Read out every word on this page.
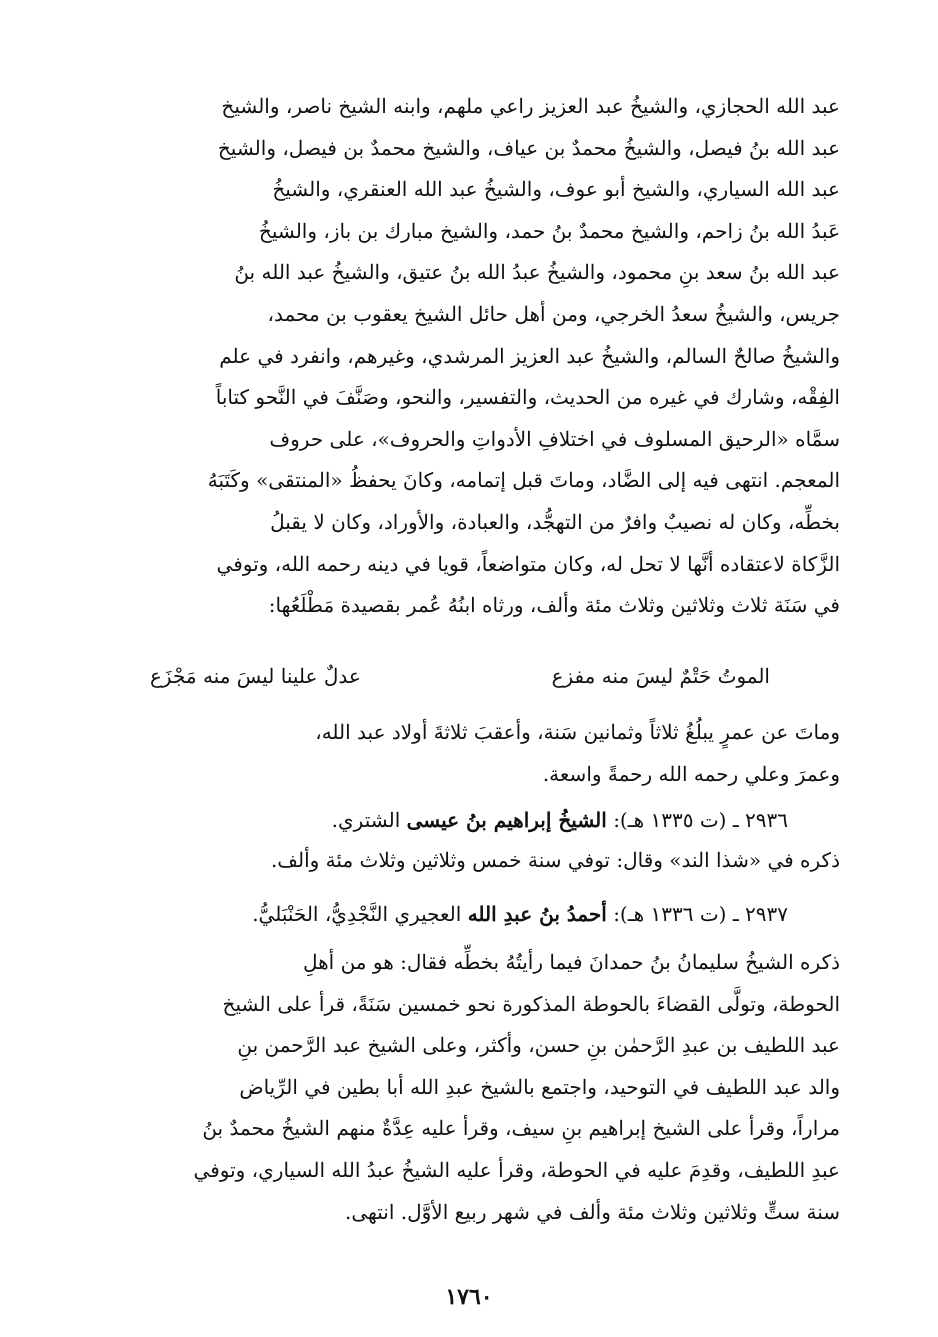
عبد الله الحجازي، والشيخُ عبد العزيز راعي ملهم، وابنه الشيخ ناصر، والشيخ
عبد الله بنُ فيصل، والشيخُ محمدٌ بن عياف، والشيخ محمدٌ بن فيصل، والشيخ
عبد الله السياري، والشيخ أبو عوف، والشيخُ عبد الله العنقري، والشيخُ
عَبدُ الله بنُ زاحم، والشيخ محمدٌ بنُ حمد، والشيخ مبارك بن باز، والشيخُ
عبد الله بنُ سعد بنِ محمود، والشيخُ عبدُ الله بنُ عتيق، والشيخُ عبد الله بنُ
جريس، والشيخُ سعدُ الخرجي، ومن أهل حائل الشيخ يعقوب بن محمد،
والشيخُ صالحٌ السالم، والشيخُ عبد العزيز المرشدي، وغيرهم، وانفرد في علم
الفِقْه، وشارك في غيره من الحديث، والتفسير، والنحو، وصَنَّفَ في النَّحو كتاباً
سمَّاه «الرحيق المسلوف في اختلافِ الأدواتِ والحروف»، على حروف
المعجم. انتهى فيه إلى الضَّاد، وماتَ قبل إتمامه، وكانَ يحفظُ «المنتقى» وكَتَبَهُ
بخطِّه، وكان له نصيبٌ وافرٌ من التهجُّد، والعبادة، والأوراد، وكان لا يقبلُ
الزَّكاة لاعتقاده أنَّها لا تحل له، وكان متواضعاً، قويا في دينه رحمه الله، وتوفي
في سَنَة ثلاث وثلاثين وثلاث مئة وألف، ورثاه ابنُهُ عُمر بقصيدة مَطْلَعُها:
الموتُ حَتْمٌ ليسَ منه مفزع
عدلٌ علينا ليسَ منه مَجْزَع
وماتَ عن عمرٍ يبلُغُ ثلاثاً وثمانين سَنة، وأعقبَ ثلاثةَ أولاد عبد الله،
وعمرَ وعلي رحمه الله رحمةً واسعة.
٢٩٣٦ ـ (ت ١٣٣٥ هـ): الشيخُ إبراهيم بنُ عيسى الشتري.
ذكره في «شذا الند» وقال: توفي سنة خمس وثلاثين وثلاث مئة وألف.
٢٩٣٧ ـ (ت ١٣٣٦ هـ): أحمدُ بنُ عبدِ الله العجيري النَّجْدِيُّ، الحَنْبَليُّ.
ذكره الشيخُ سليمانُ بنُ حمدانَ فيما رأيتُهُ بخطِّه فقال: هو من أهلِ
الحوطة، وتولَّى القضاءَ بالحوطة المذكورة نحو خمسين سَنَةً، قرأ على الشيخ
عبد اللطيف بن عبدِ الرَّحمٰن بنِ حسن، وأكثر، وعلى الشيخ عبد الرَّحمن بنِ
والد عبد اللطيف في التوحيد، واجتمع بالشيخ عبدِ الله أبا بطين في الرِّياض
مراراً، وقرأ على الشيخ إبراهيم بنِ سيف، وقرأ عليه عِدَّةٌ منهم الشيخُ محمدٌ بنُ
عبدِ اللطيف، وقدِمَ عليه في الحوطة، وقرأ عليه الشيخُ عبدُ الله السياري، وتوفي
سنة ستٍّ وثلاثين وثلاث مئة وألف في شهر ربيع الأوَّل. انتهى.
١٧٦٠
